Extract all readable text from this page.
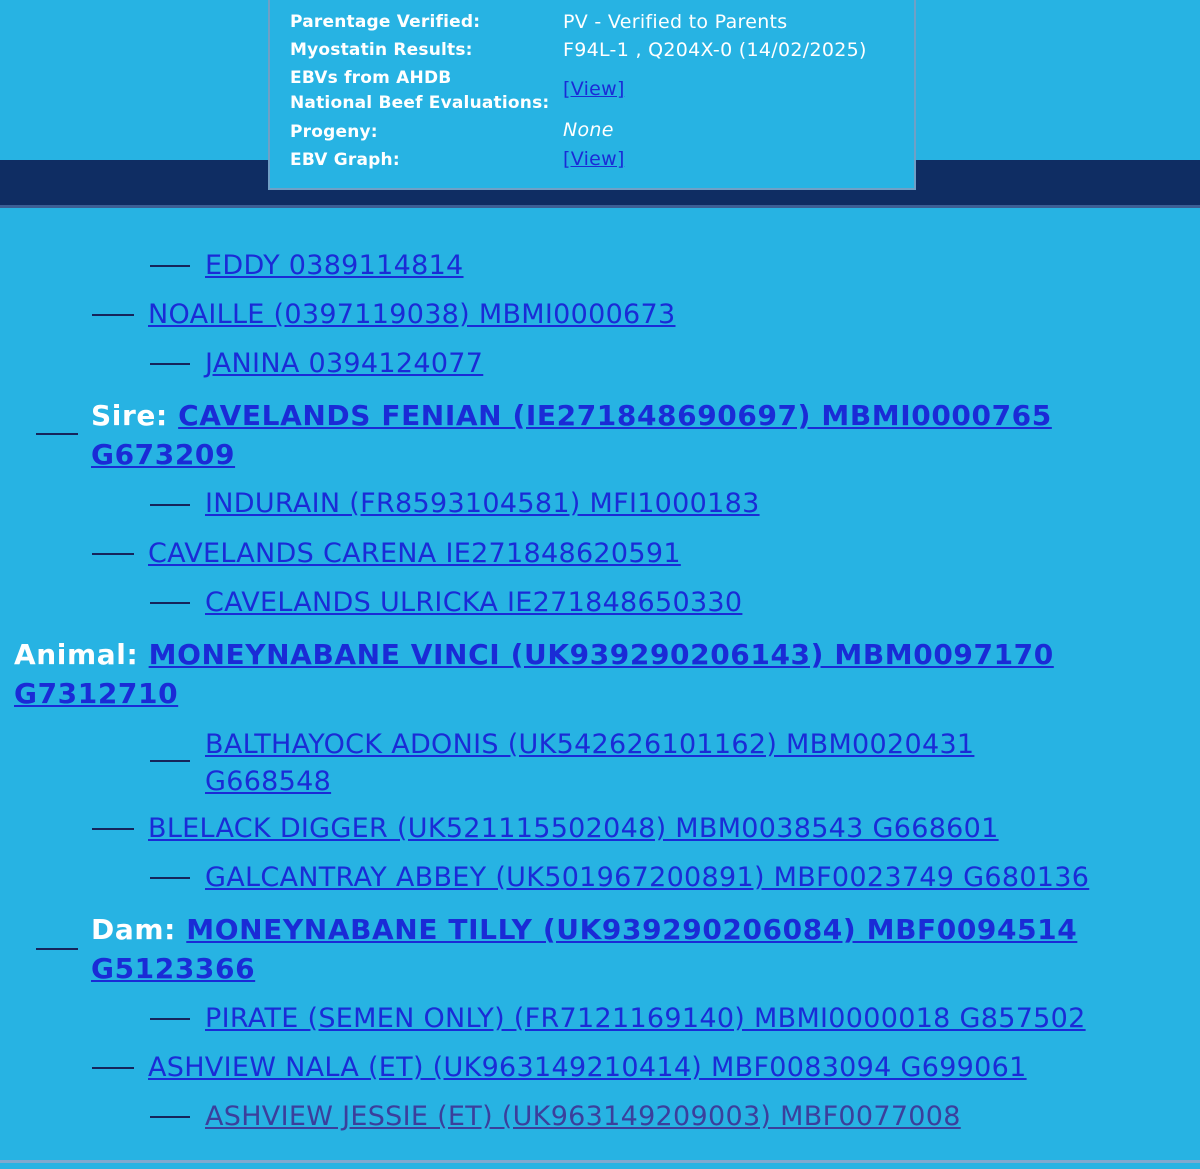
Parentage Verified:	PV - Verified to Parents
Myostatin Results:	F94L-1 , Q204X-0 (14/02/2025)
EBVs from AHDB
National Beef Evaluations:
[View]
Progeny:	None
EBV Graph:	[View]
EDDY 0389114814
NOAILLE (0397119038) MBMI0000673
JANINA 0394124077
Sire: CAVELANDS FENIAN (IE271848690697) MBMI0000765 G673209
INDURAIN (FR8593104581) MFI1000183
CAVELANDS CARENA IE271848620591
CAVELANDS ULRICKA IE271848650330
Animal: MONEYNABANE VINCI (UK939290206143) MBM0097170 G7312710
BALTHAYOCK ADONIS (UK542626101162) MBM0020431 G668548
BLELACK DIGGER (UK521115502048) MBM0038543 G668601
GALCANTRAY ABBEY (UK501967200891) MBF0023749 G680136
Dam: MONEYNABANE TILLY (UK939290206084) MBF0094514 G5123366
PIRATE (SEMEN ONLY) (FR7121169140) MBMI0000018 G857502
ASHVIEW NALA (ET) (UK963149210414) MBF0083094 G699061
ASHVIEW JESSIE (ET) (UK963149209003) MBF0077008
